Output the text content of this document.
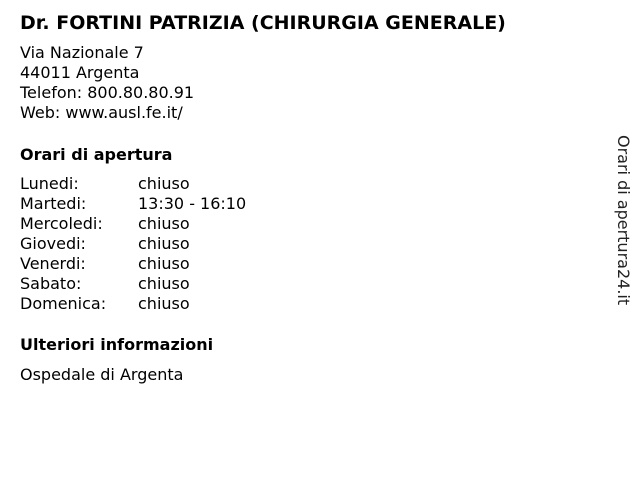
Dr. FORTINI PATRIZIA (CHIRURGIA GENERALE)
Via Nazionale 7
44011 Argenta
Telefon: 800.80.80.91
Web: www.ausl.fe.it/
Orari di apertura
Lunedi:	chiuso
Martedi:	13:30 - 16:10
Mercoledi:	chiuso
Giovedi:	chiuso
Venerdi:	chiuso
Sabato:	chiuso
Domenica:	chiuso
Ulteriori informazioni
Ospedale di Argenta
Orari di apertura24.it
